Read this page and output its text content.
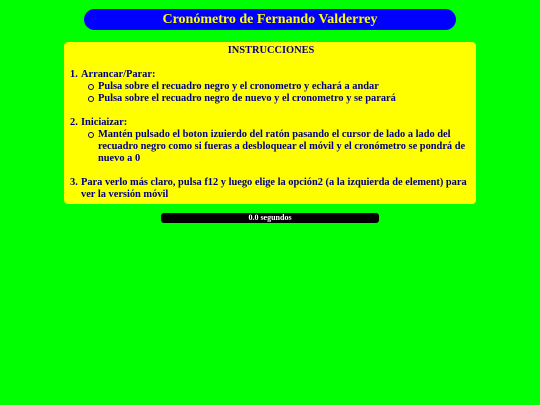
Cronómetro de Fernando Valderrey
INSTRUCCIONES
1. Arrancar/Parar:
Pulsa sobre el recuadro negro y el cronometro y echará a andar
Pulsa sobre el recuadro negro de nuevo y el cronometro y se parará
2. Iniciaizar:
Mantén pulsado el boton izuierdo del ratón pasando el cursor de lado a lado del recuadro negro como si fueras a desbloquear el móvil y el cronómetro se pondrá de nuevo a 0
3. Para verlo más claro, pulsa f12 y luego elige la opción2 (a la izquierda de element) para ver la versión móvil
0.0 segundos
